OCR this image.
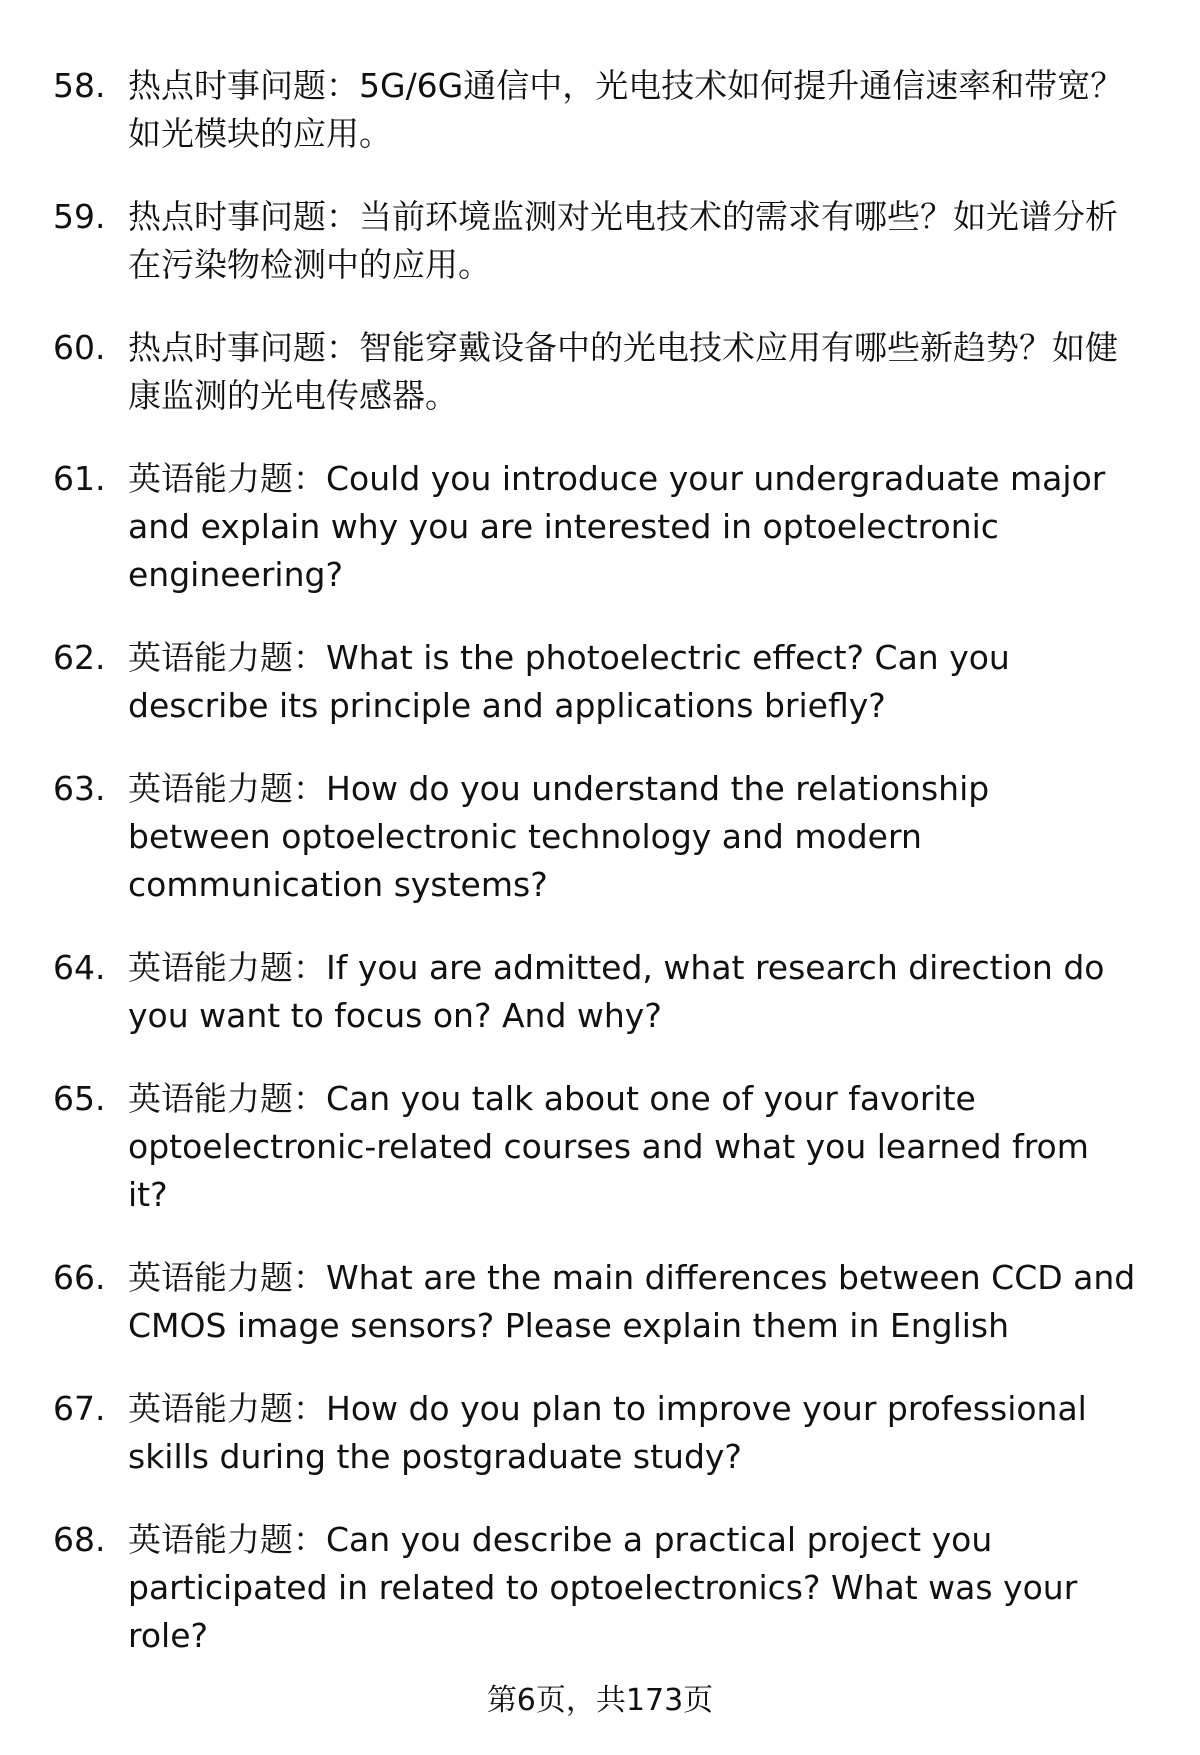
58. 热点时事问题：5G/6G通信中，光电技术如何提升通信速率和带宽？如光模块的应用。
59. 热点时事问题：当前环境监测对光电技术的需求有哪些？如光谱分析在污染物检测中的应用。
60. 热点时事问题：智能穿戴设备中的光电技术应用有哪些新趋势？如健康监测的光电传感器。
61. 英语能力题：Could you introduce your undergraduate major and explain why you are interested in optoelectronic engineering?
62. 英语能力题：What is the photoelectric effect? Can you describe its principle and applications briefly?
63. 英语能力题：How do you understand the relationship between optoelectronic technology and modern communication systems?
64. 英语能力题：If you are admitted, what research direction do you want to focus on? And why?
65. 英语能力题：Can you talk about one of your favorite optoelectronic-related courses and what you learned from it?
66. 英语能力题：What are the main differences between CCD and CMOS image sensors? Please explain them in English
67. 英语能力题：How do you plan to improve your professional skills during the postgraduate study?
68. 英语能力题：Can you describe a practical project you participated in related to optoelectronics? What was your role?
第6页，共173页
